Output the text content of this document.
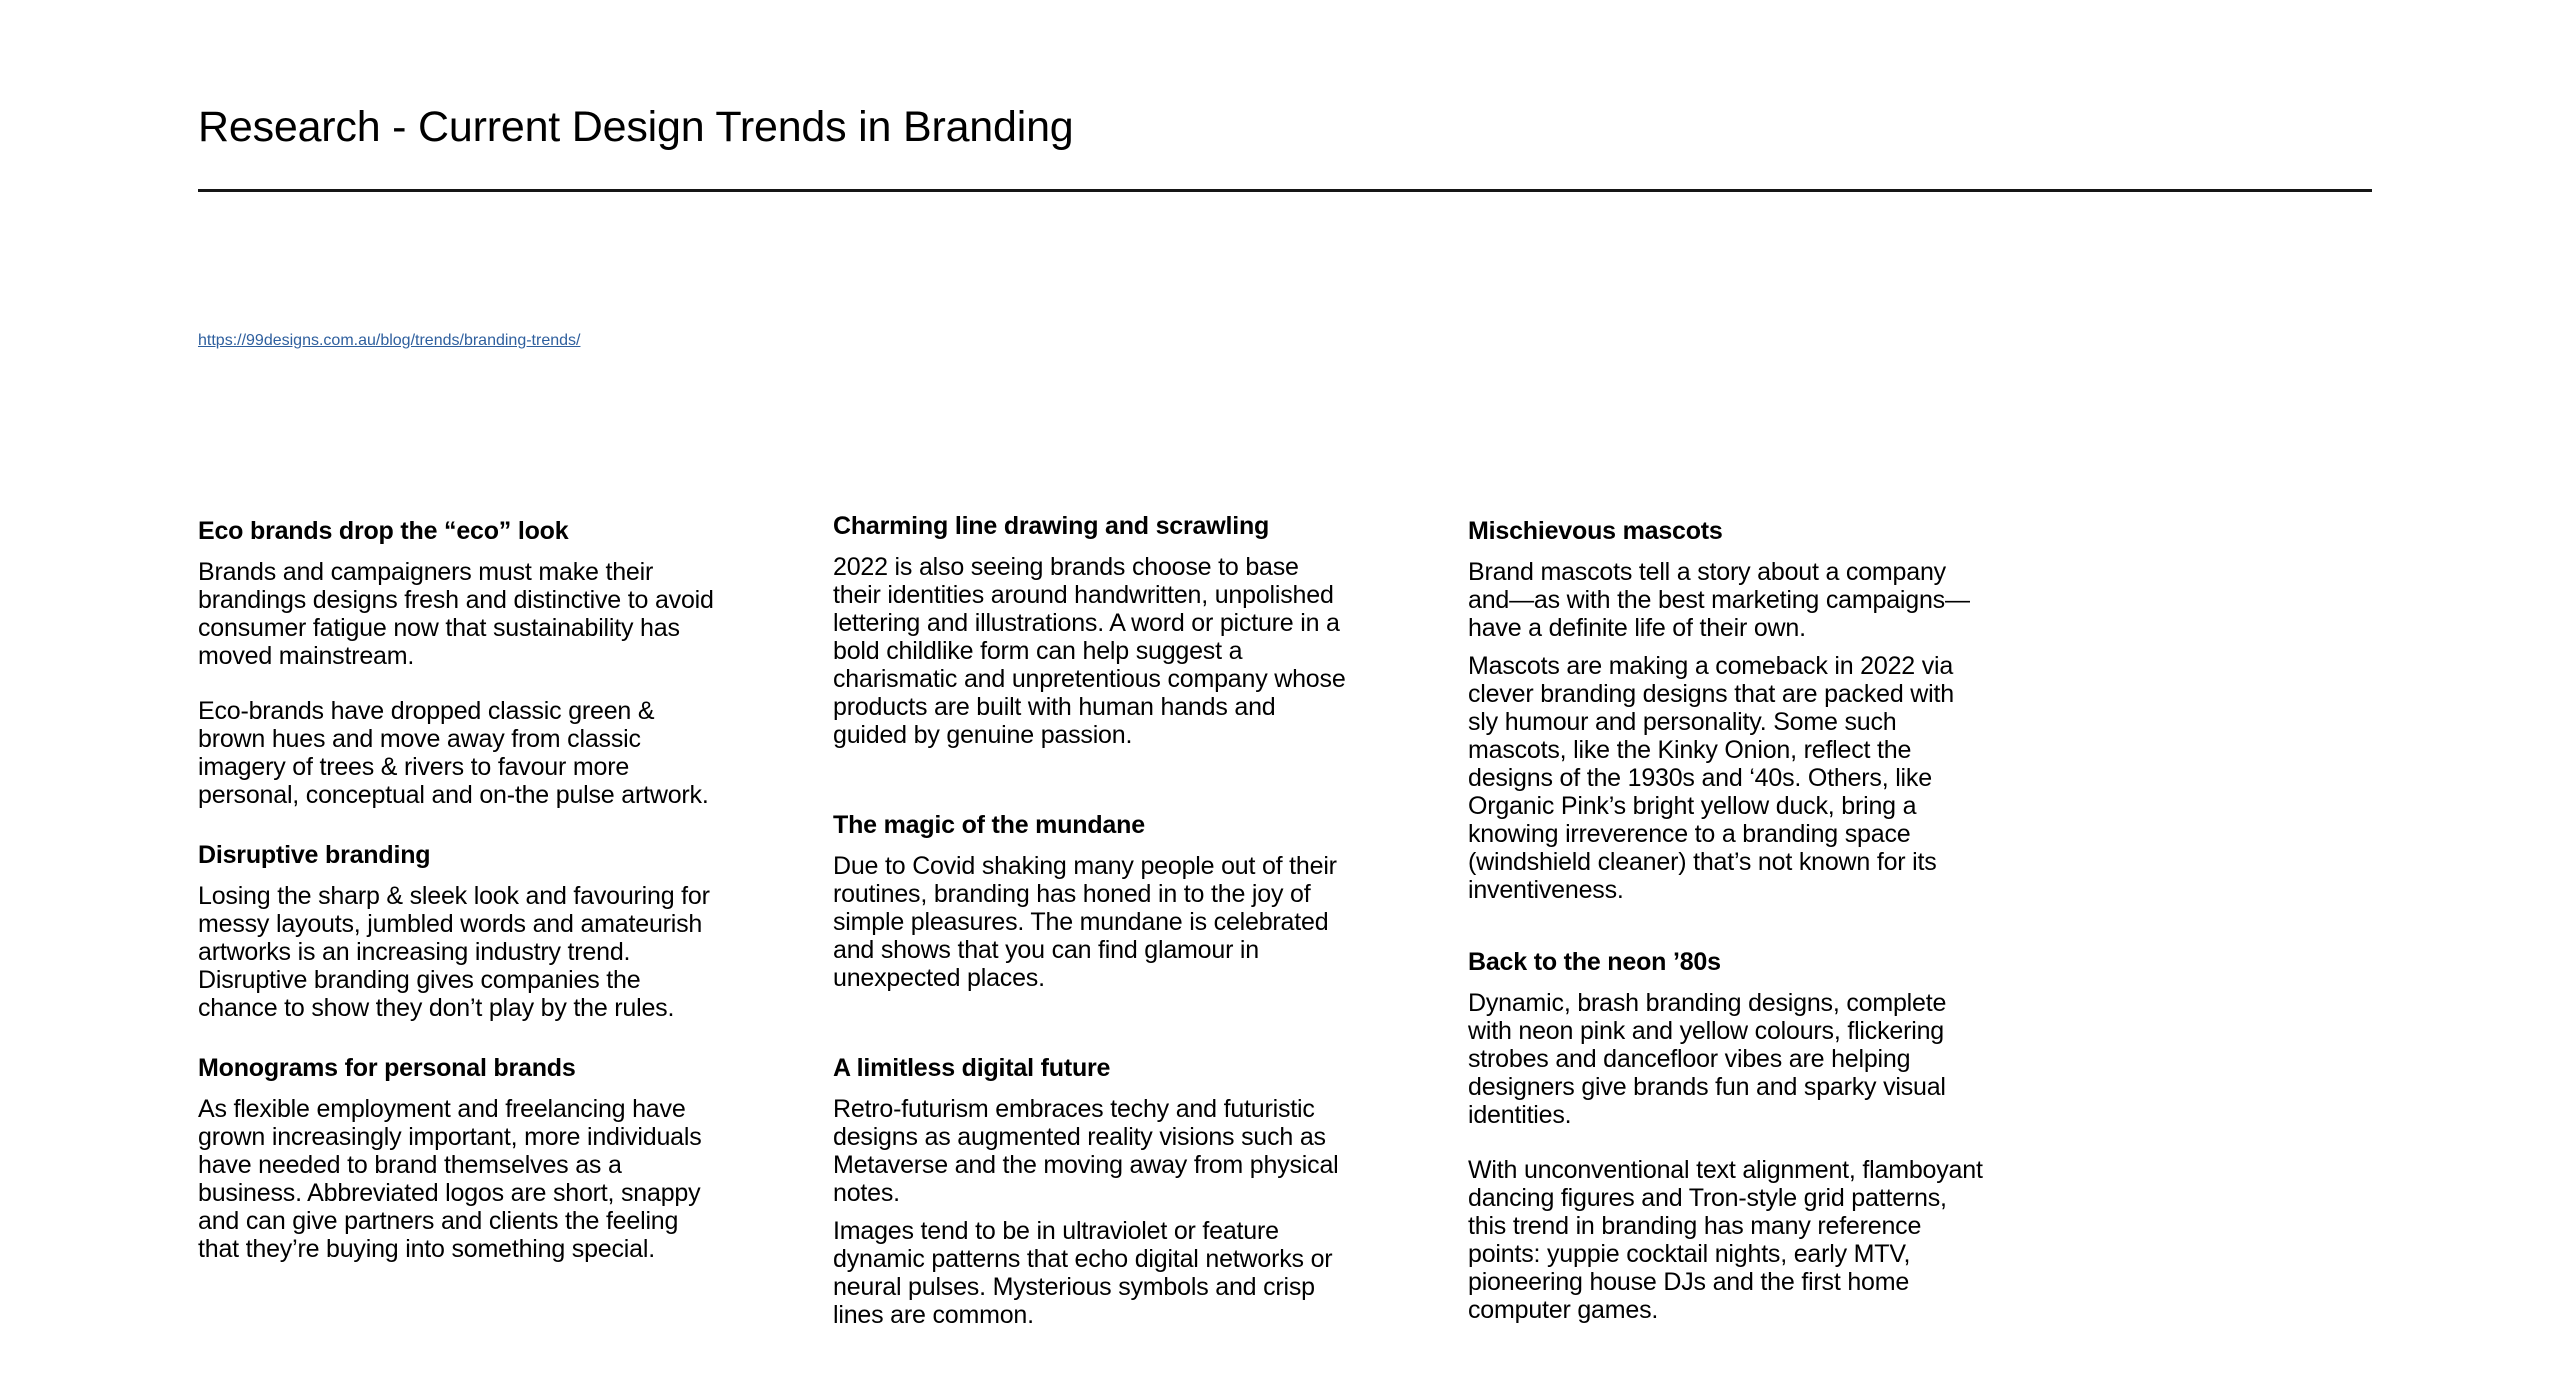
Research - Current Design Trends in Branding
https://99designs.com.au/blog/trends/branding-trends/
Eco brands drop the “eco” look

Brands and campaigners must make their brandings designs fresh and distinctive to avoid consumer fatigue now that sustainability has moved mainstream.

Eco-brands have dropped classic green & brown hues and move away from classic imagery of trees & rivers to favour more personal, conceptual and on-the pulse artwork.

Disruptive branding

Losing the sharp & sleek look and favouring for messy layouts, jumbled words and amateurish artworks is an increasing industry trend. Disruptive branding gives companies the chance to show they don’t play by the rules.

Monograms for personal brands

As flexible employment and freelancing have grown increasingly important, more individuals have needed to brand themselves as a business. Abbreviated logos are short, snappy and can give partners and clients the feeling that they’re buying into something special.

Charming line drawing and scrawling

2022 is also seeing brands choose to base their identities around handwritten, unpolished lettering and illustrations. A word or picture in a bold childlike form can help suggest a charismatic and unpretentious company whose products are built with human hands and guided by genuine passion.

The magic of the mundane

Due to Covid shaking many people out of their routines, branding has honed in to the joy of simple pleasures. The mundane is celebrated and shows that you can find glamour in unexpected places.

A limitless digital future

Retro-futurism embraces techy and futuristic designs as augmented reality visions such as Metaverse and the moving away from physical notes.

Images tend to be in ultraviolet or feature dynamic patterns that echo digital networks or neural pulses. Mysterious symbols and crisp lines are common.

Mischievous mascots

Brand mascots tell a story about a company and—as with the best marketing campaigns—have a definite life of their own.

Mascots are making a comeback in 2022 via clever branding designs that are packed with sly humour and personality. Some such mascots, like the Kinky Onion, reflect the designs of the 1930s and ‘40s. Others, like Organic Pink’s bright yellow duck, bring a knowing irreverence to a branding space (windshield cleaner) that’s not known for its inventiveness.

Back to the neon ’80s

Dynamic, brash branding designs, complete with neon pink and yellow colours, flickering strobes and dancefloor vibes are helping designers give brands fun and sparky visual identities.

With unconventional text alignment, flamboyant dancing figures and Tron-style grid patterns, this trend in branding has many reference points: yuppie cocktail nights, early MTV, pioneering house DJs and the first home computer games.
